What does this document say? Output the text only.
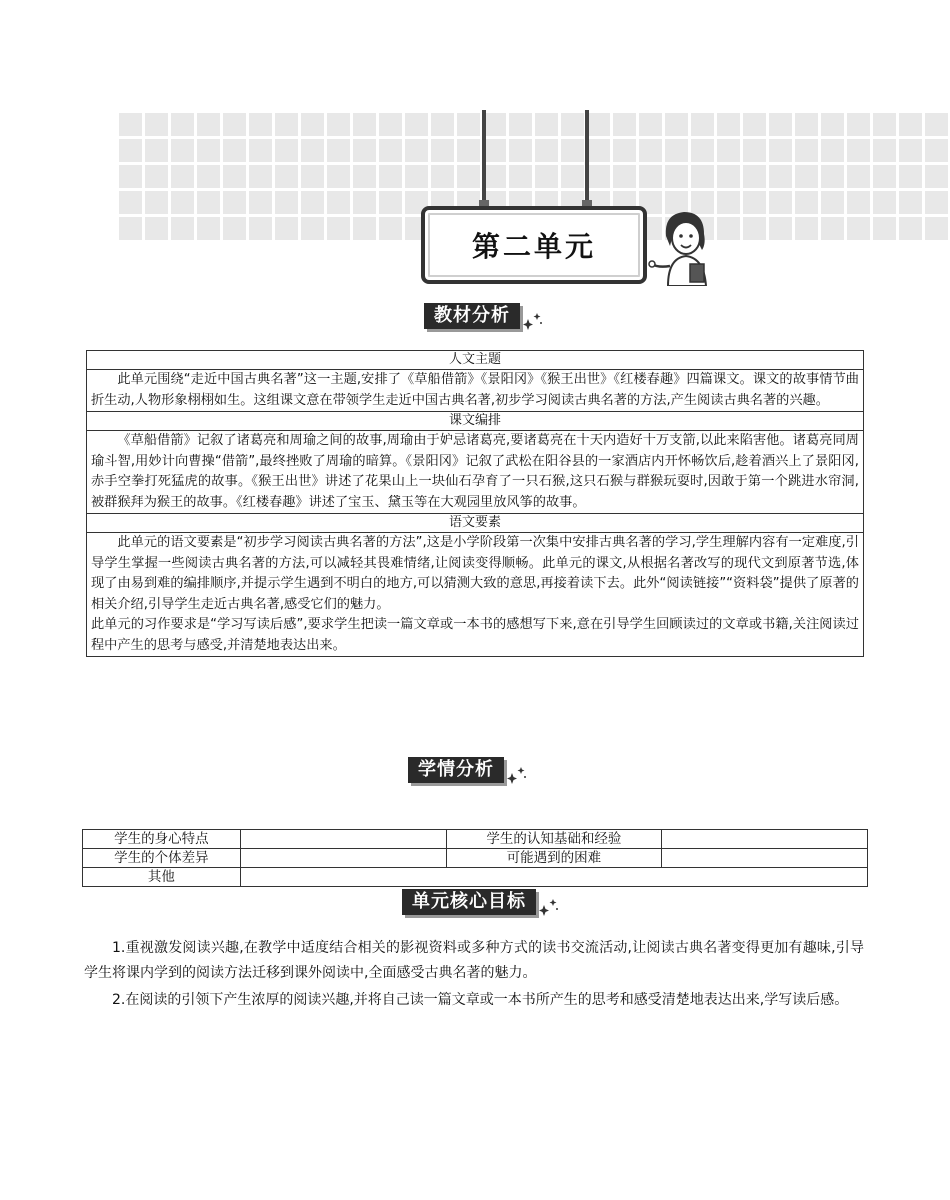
第二单元
教材分析
人文主题

此单元围绕“走近中国古典名著”这一主题,安排了《草船借箭》《景阳冈》《猴王出世》《红楼春趣》四篇课文。课文的故事情节曲折生动,人物形象栩栩如生。这组课文意在带领学生走近中国古典名著,初步学习阅读古典名著的方法,产生阅读古典名著的兴趣。

课文编排

《草船借箭》记叙了诸葛亮和周瑜之间的故事,周瑜由于妒忌诸葛亮,要诸葛亮在十天内造好十万支箭,以此来陷害他。诸葛亮同周瑜斗智,用妙计向曹操“借箭”,最终挫败了周瑜的暗算。《景阳冈》记叙了武松在阳谷县的一家酒店内开怀畅饮后,趁着酒兴上了景阳冈,赤手空拳打死猛虎的故事。《猴王出世》讲述了花果山上一块仙石孕育了一只石猴,这只石猴与群猴玩耍时,因敢于第一个跳进水帘洞,被群猴拜为猴王的故事。《红楼春趣》讲述了宝玉、黛玉等在大观园里放风筝的故事。

语文要素

此单元的语文要素是“初步学习阅读古典名著的方法”,这是小学阶段第一次集中安排古典名著的学习,学生理解内容有一定难度,引导学生掌握一些阅读古典名著的方法,可以减轻其畏难情绪,让阅读变得顺畅。此单元的课文,从根据名著改写的现代文到原著节选,体现了由易到难的编排顺序,并提示学生遇到不明白的地方,可以猜测大致的意思,再接着读下去。此外“阅读链接”“资料袋”提供了原著的相关介绍,引导学生走近古典名著,感受它们的魅力。

此单元的习作要求是“学习写读后感”,要求学生把读一篇文章或一本书的感想写下来,意在引导学生回顾读过的文章或书籍,关注阅读过程中产生的思考与感受,并清楚地表达出来。

学情分析
学生的身心特点		学生的认知基础和经验	
学生的个体差异		可能遇到的困难	
其他			
单元核心目标

1.重视激发阅读兴趣,在教学中适度结合相关的影视资料或多种方式的读书交流活动,让阅读古典名著变得更加有趣味,引导学生将课内学到的阅读方法迁移到课外阅读中,全面感受古典名著的魅力。

2.在阅读的引领下产生浓厚的阅读兴趣,并将自己读一篇文章或一本书所产生的思考和感受清楚地表达出来,学写读后感。
